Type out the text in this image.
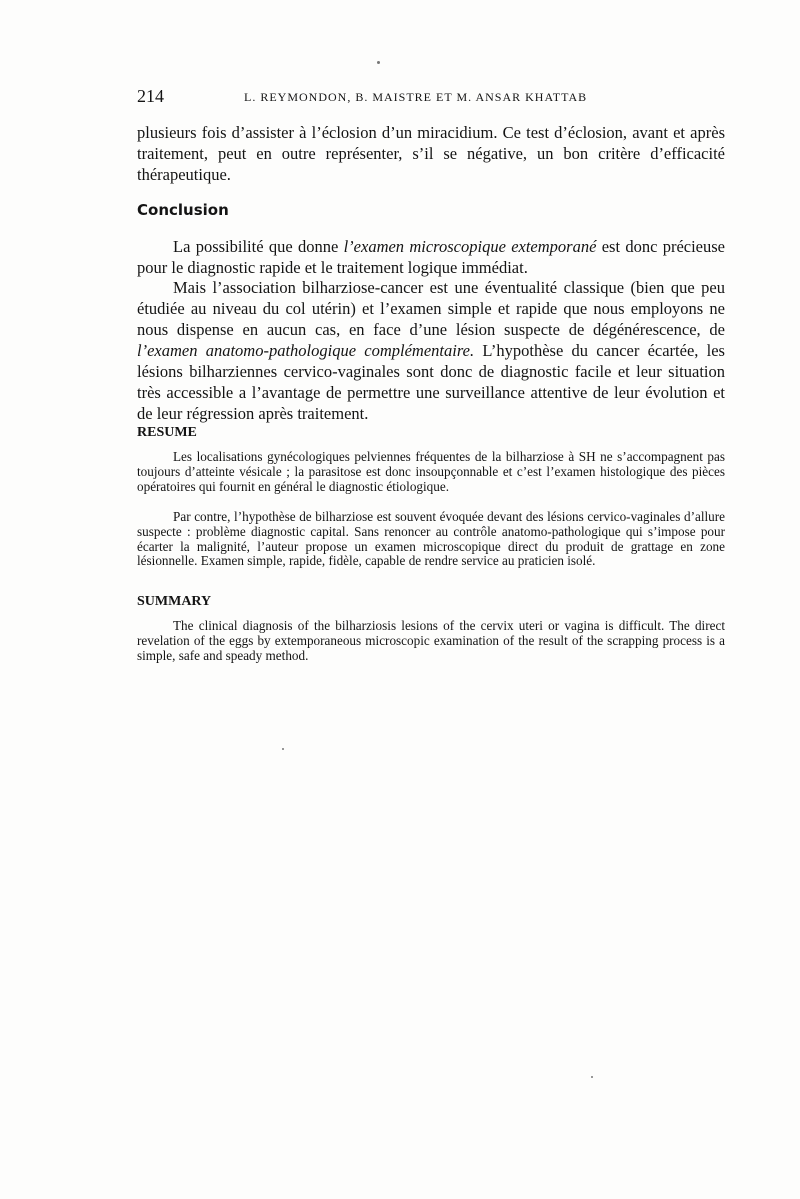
214	L. REYMONDON, B. MAISTRE ET M. ANSAR KHATTAB

plusieurs fois d’assister à l’éclosion d’un miracidium. Ce test d’éclosion, avant et après traitement, peut en outre représenter, s’il se négative, un bon critère d’efficacité thérapeutique.

Conclusion

La possibilité que donne l’examen microscopique extemporané est donc précieuse pour le diagnostic rapide et le traitement logique immédiat.

Mais l’association bilharziose-cancer est une éventualité classique (bien que peu étudiée au niveau du col utérin) et l’examen simple et rapide que nous employons ne nous dispense en aucun cas, en face d’une lésion suspecte de dégénérescence, de l’examen anatomo-pathologique complémentaire. L’hypothèse du cancer écartée, les lésions bilharziennes cervico-vaginales sont donc de diagnostic facile et leur situation très accessible a l’avantage de permettre une surveillance attentive de leur évolution et de leur régression après traitement.

RESUME

Les localisations gynécologiques pelviennes fréquentes de la bilharziose à SH ne s’accompagnent pas toujours d’atteinte vésicale ; la parasitose est donc insoupçonnable et c’est l’examen histologique des pièces opératoires qui fournit en général le diagnostic étiologique.

Par contre, l’hypothèse de bilharziose est souvent évoquée devant des lésions cervico-vaginales d’allure suspecte : problème diagnostic capital. Sans renoncer au contrôle anatomo-pathologique qui s’impose pour écarter la malignité, l’auteur propose un examen microscopique direct du produit de grattage en zone lésionnelle. Examen simple, rapide, fidèle, capable de rendre service au praticien isolé.

SUMMARY

The clinical diagnosis of the bilharziosis lesions of the cervix uteri or vagina is difficult. The direct revelation of the eggs by extemporaneous microscopic examination of the result of the scrapping process is a simple, safe and speady method.
